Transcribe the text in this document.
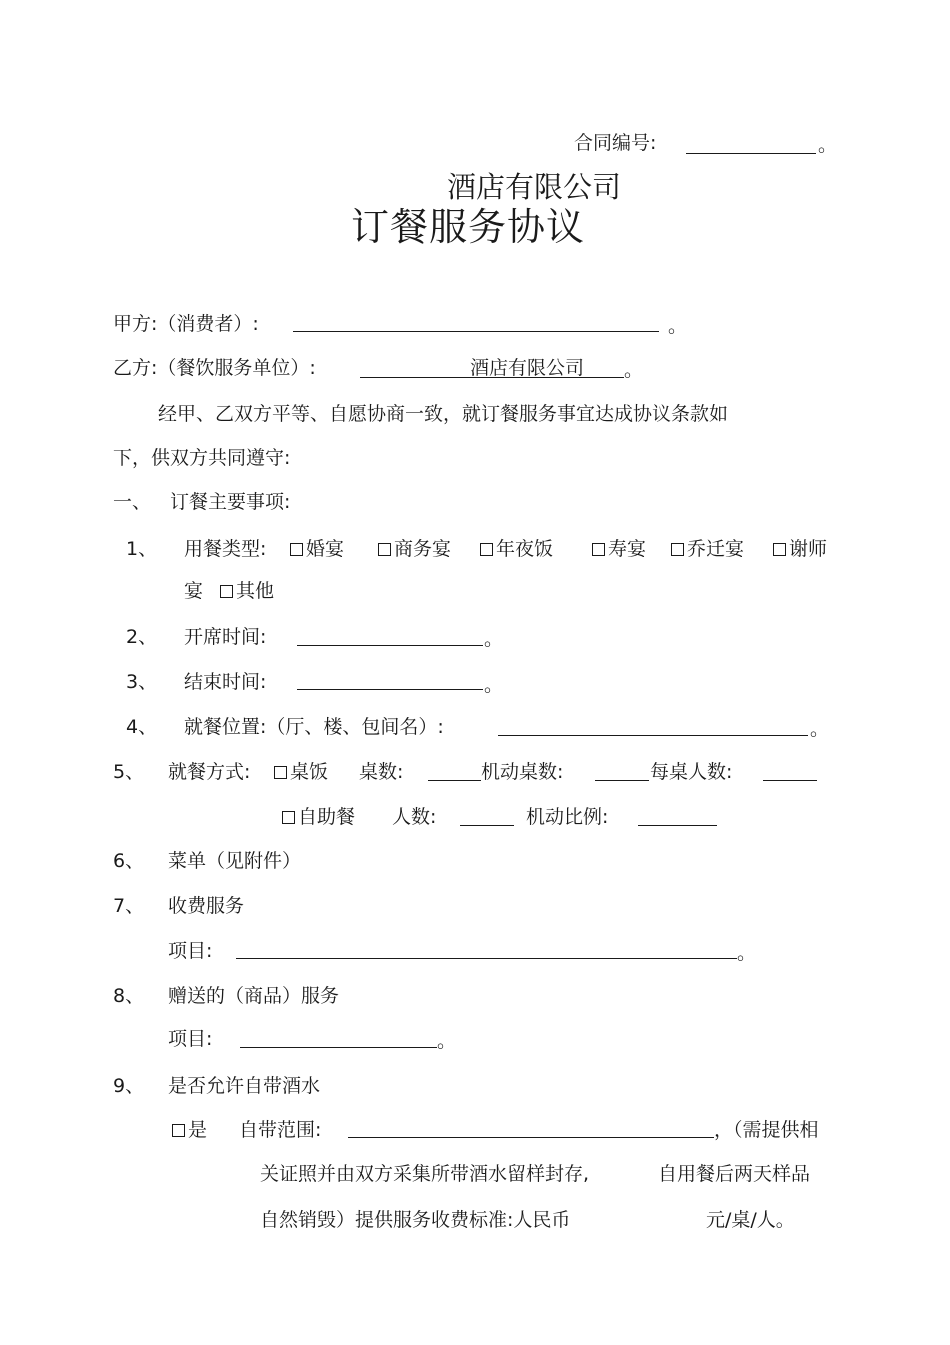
合同编号:	。
酒店有限公司
订餐服务协议
甲方:（消费者）:	。
乙方:（餐饮服务单位）:	酒店有限公司 。
经甲、乙双方平等、自愿协商一致，就订餐服务事宜达成协议条款如
下，供双方共同遵守:
一、 订餐主要事项:
1、 用餐类型:	婚宴	商务宴	年夜饭	寿宴	乔迁宴	谢师
宴	其他
2、 开席时间:	。
3、 结束时间:	。
4、 就餐位置:（厅、楼、包间名）:	。
5、 就餐方式:	桌饭 桌数:	机动桌数:	每桌人数:
自助餐 人数:	机动比例:
6、 菜单（见附件）
7、 收费服务
项目:	。
8、 赠送的（商品）服务
项目:	。
9、 是否允许自带酒水
是 自带范围:	，（需提供相
关证照并由双方采集所带酒水留样封存,	自用餐后两天样品
自然销毁）提供服务收费标准:人民币	元/桌/人。
